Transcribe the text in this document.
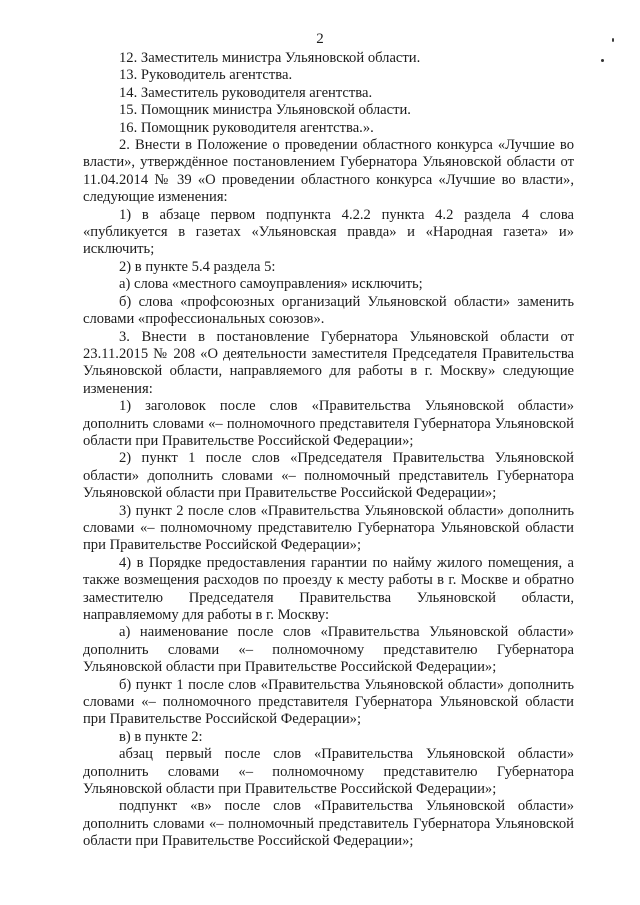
2

12. Заместитель министра Ульяновской области.

13. Руководитель агентства.

14. Заместитель руководителя агентства.

15. Помощник министра Ульяновской области.

16. Помощник руководителя агентства.».

2. Внести в Положение о проведении областного конкурса «Лучшие во власти», утверждённое постановлением Губернатора Ульяновской области от 11.04.2014 № 39 «О проведении областного конкурса «Лучшие во власти», следующие изменения:

1) в абзаце первом подпункта 4.2.2 пункта 4.2 раздела 4 слова «публикуется в газетах «Ульяновская правда» и «Народная газета» и» исключить;

2) в пункте 5.4 раздела 5:

а) слова «местного самоуправления» исключить;

б) слова «профсоюзных организаций Ульяновской области» заменить словами «профессиональных союзов».

3. Внести в постановление Губернатора Ульяновской области от 23.11.2015 № 208 «О деятельности заместителя Председателя Правительства Ульяновской области, направляемого для работы в г. Москву» следующие изменения:

1) заголовок после слов «Правительства Ульяновской области» дополнить словами «– полномочного представителя Губернатора Ульяновской области при Правительстве Российской Федерации»;

2) пункт 1 после слов «Председателя Правительства Ульяновской области» дополнить словами «– полномочный представитель Губернатора Ульяновской области при Правительстве Российской Федерации»;

3) пункт 2 после слов «Правительства Ульяновской области» дополнить словами «– полномочному представителю Губернатора Ульяновской области при Правительстве Российской Федерации»;

4) в Порядке предоставления гарантии по найму жилого помещения, а также возмещения расходов по проезду к месту работы в г. Москве и обратно заместителю Председателя Правительства Ульяновской области, направляемому для работы в г. Москву:

а) наименование после слов «Правительства Ульяновской области» дополнить словами «– полномочному представителю Губернатора Ульяновской области при Правительстве Российской Федерации»;

б) пункт 1 после слов «Правительства Ульяновской области» дополнить словами «– полномочного представителя Губернатора Ульяновской области при Правительстве Российской Федерации»;

в) в пункте 2:

абзац первый после слов «Правительства Ульяновской области» дополнить словами «– полномочному представителю Губернатора Ульяновской области при Правительстве Российской Федерации»;

подпункт «в» после слов «Правительства Ульяновской области» дополнить словами «– полномочный представитель Губернатора Ульяновской области при Правительстве Российской Федерации»;
